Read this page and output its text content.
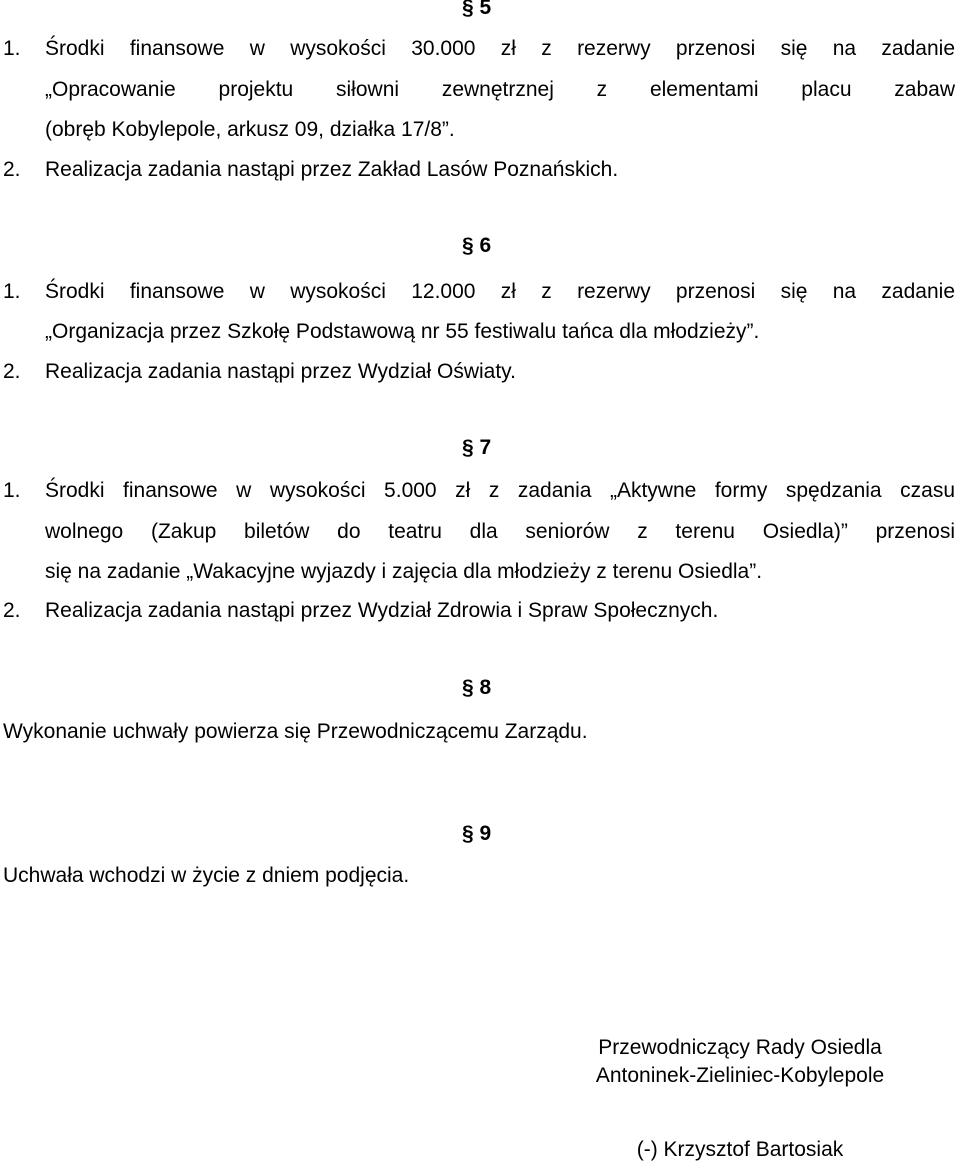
§ 5
1. Środki finansowe w wysokości 30.000 zł z rezerwy przenosi się na zadanie
„Opracowanie projektu siłowni zewnętrznej z elementami placu zabaw
(obręb Kobylepole, arkusz 09, działka 17/8”.
2. Realizacja zadania nastąpi przez Zakład Lasów Poznańskich.
§ 6
1. Środki finansowe w wysokości 12.000 zł z rezerwy przenosi się na zadanie
„Organizacja przez Szkołę Podstawową nr 55 festiwalu tańca dla młodzieży”.
2. Realizacja zadania nastąpi przez Wydział Oświaty.
§ 7
1. Środki finansowe w wysokości 5.000 zł z zadania „Aktywne formy spędzania czasu
wolnego (Zakup biletów do teatru dla seniorów z terenu Osiedla)” przenosi
się na zadanie „Wakacyjne wyjazdy i zajęcia dla młodzieży z terenu Osiedla”.
2. Realizacja zadania nastąpi przez Wydział Zdrowia i Spraw Społecznych.
§ 8
Wykonanie uchwały powierza się Przewodniczącemu Zarządu.
§ 9
Uchwała wchodzi w życie z dniem podjęcia.
Przewodniczący Rady Osiedla
Antoninek-Zieliniec-Kobylepole
(-) Krzysztof Bartosiak
